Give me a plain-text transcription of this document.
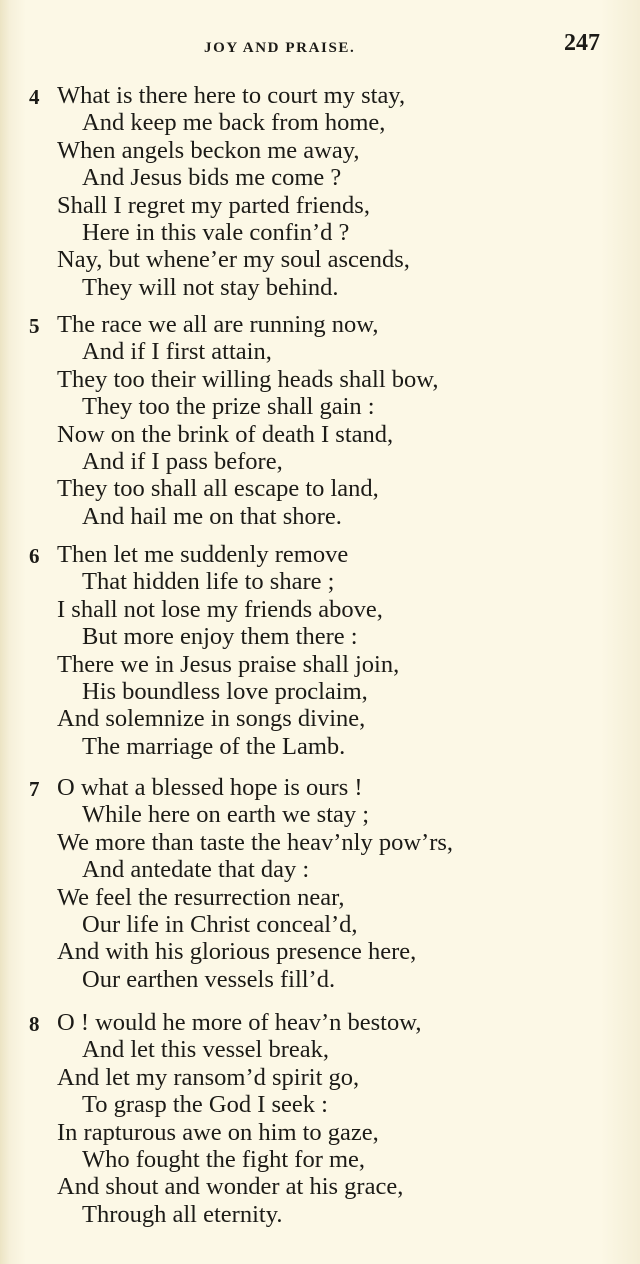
JOY AND PRAISE.	247
4 What is there here to court my stay,
And keep me back from home,
When angels beckon me away,
And Jesus bids me come ?
Shall I regret my parted friends,
Here in this vale confin’d ?
Nay, but whene’er my soul ascends,
They will not stay behind.
5 The race we all are running now,
And if I first attain,
They too their willing heads shall bow,
They too the prize shall gain :
Now on the brink of death I stand,
And if I pass before,
They too shall all escape to land,
And hail me on that shore.
6 Then let me suddenly remove
That hidden life to share ;
I shall not lose my friends above,
But more enjoy them there :
There we in Jesus praise shall join,
His boundless love proclaim,
And solemnize in songs divine,
The marriage of the Lamb.
7 O what a blessed hope is ours !
While here on earth we stay ;
We more than taste the heav’nly pow’rs,
And antedate that day :
We feel the resurrection near,
Our life in Christ conceal’d,
And with his glorious presence here,
Our earthen vessels fill’d.
8 O ! would he more of heav’n bestow,
And let this vessel break,
And let my ransom’d spirit go,
To grasp the God I seek :
In rapturous awe on him to gaze,
Who fought the fight for me,
And shout and wonder at his grace,
Through all eternity.
